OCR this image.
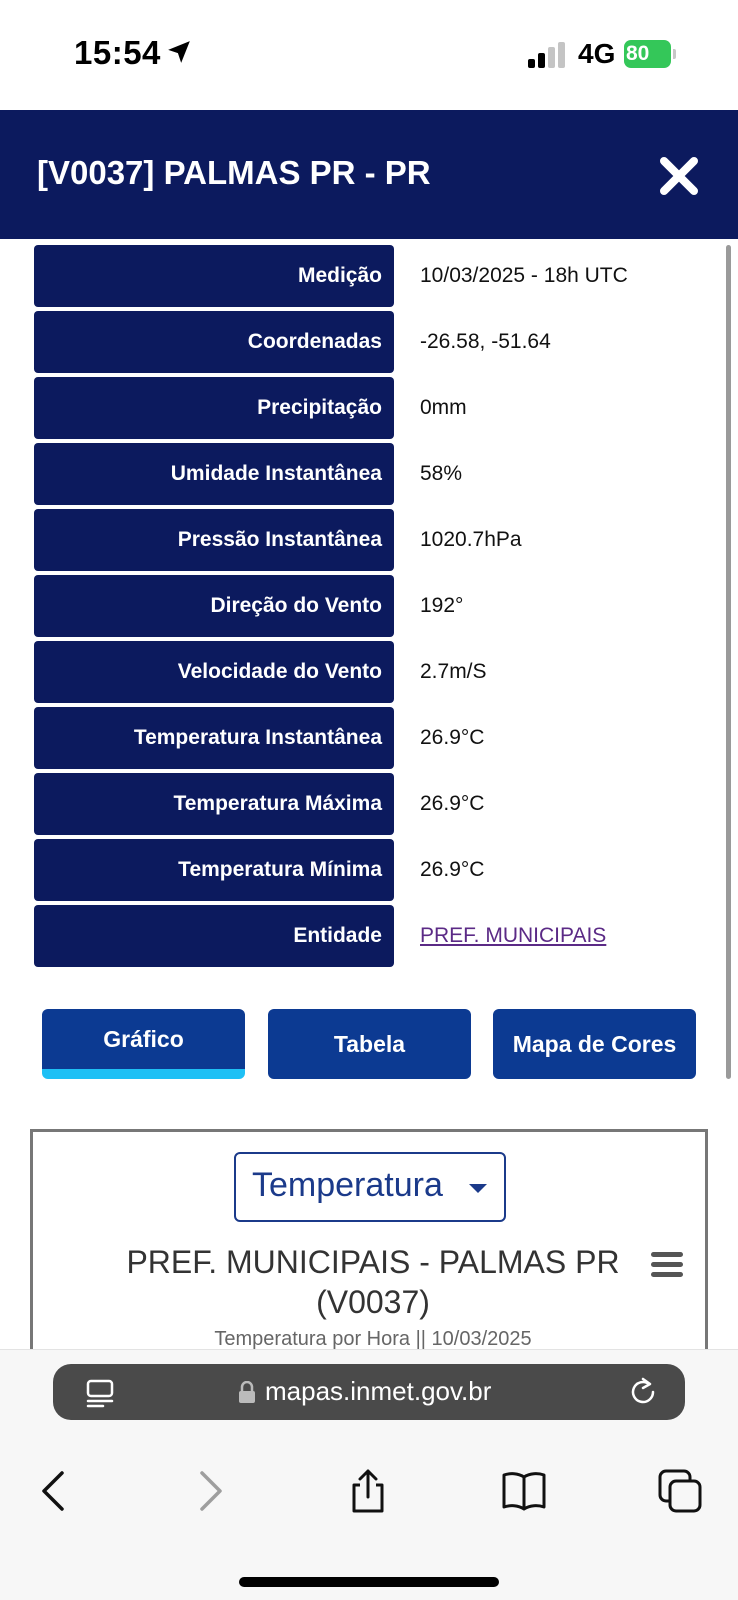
15:54	4G 80
[V0037] PALMAS PR - PR
Medição	10/03/2025 - 18h UTC
Coordenadas	-26.58, -51.64
Precipitação	0mm
Umidade Instantânea	58%
Pressão Instantânea	1020.7hPa
Direção do Vento	192°
Velocidade do Vento	2.7m/S
Temperatura Instantânea	26.9°C
Temperatura Máxima	26.9°C
Temperatura Mínima	26.9°C
Entidade	PREF. MUNICIPAIS
Gráfico	Tabela	Mapa de Cores
Temperatura
PREF. MUNICIPAIS - PALMAS PR (V0037)
Temperatura por Hora || 10/03/2025
mapas.inmet.gov.br
